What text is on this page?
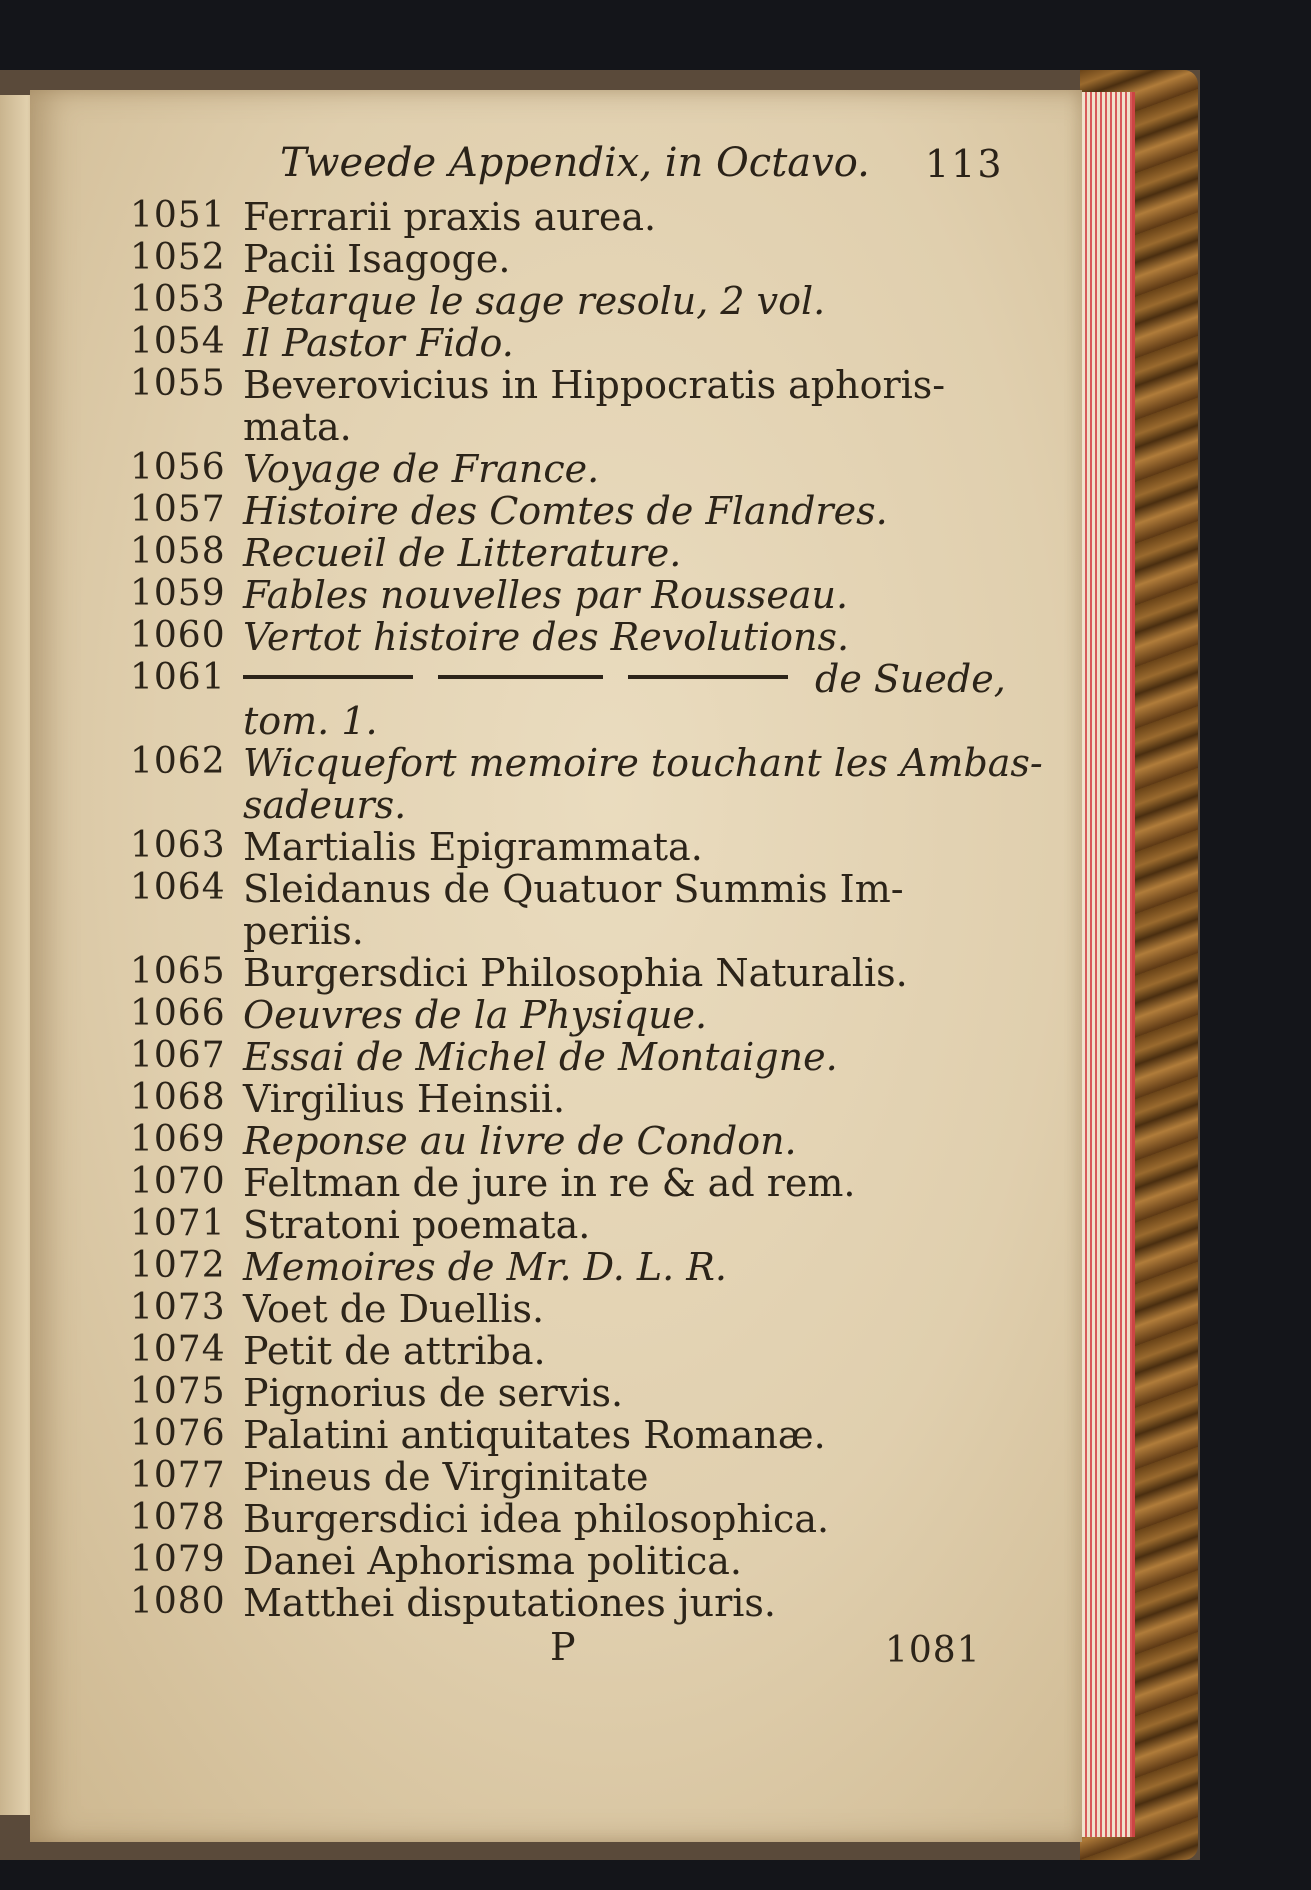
Tweede Appendix, in Octavo. 113
1051 Ferrarii praxis aurea.
1052 Pacii Isagoge.
1053 Petarque le sage resolu, 2 vol.
1054 Il Pastor Fido.
1055 Beverovicius in Hippocratis aphoris-
mata.
1056 Voyage de France.
1057 Histoire des Comtes de Flandres.
1058 Recueil de Litterature.
1059 Fables nouvelles par Rousseau.
1060 Vertot histoire des Revolutions.
1061	de Suede,
tom. 1.
1062 Wicquefort memoire touchant les Ambas-
sadeurs.
1063 Martialis Epigrammata.
1064 Sleidanus de Quatuor Summis Im-
periis.
1065 Burgersdici Philosophia Naturalis.
1066 Oeuvres de la Physique.
1067 Essai de Michel de Montaigne.
1068 Virgilius Heinsii.
1069 Reponse au livre de Condon.
1070 Feltman de jure in re & ad rem.
1071 Stratoni poemata.
1072 Memoires de Mr. D. L. R.
1073 Voet de Duellis.
1074 Petit de attriba.
1075 Pignorius de servis.
1076 Palatini antiquitates Romanæ.
1077 Pineus de Virginitate
1078 Burgersdici idea philosophica.
1079 Danei Aphorisma politica.
1080 Matthei disputationes juris.
P	1081
